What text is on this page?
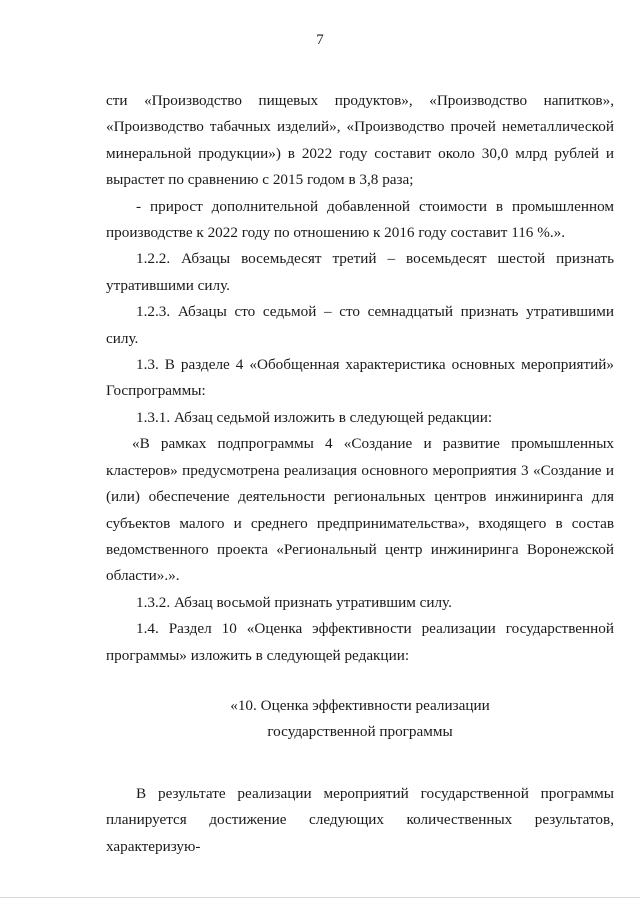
7

сти «Производство пищевых продуктов», «Производство напитков», «Производство табачных изделий», «Производство прочей неметаллической минеральной продукции») в 2022 году составит около 30,0 млрд рублей и вырастет по сравнению с 2015 годом в 3,8 раза;

- прирост дополнительной добавленной стоимости в промышленном производстве к 2022 году по отношению к 2016 году составит 116 %.».

1.2.2. Абзацы восемьдесят третий – восемьдесят шестой признать утратившими силу.

1.2.3. Абзацы сто седьмой – сто семнадцатый признать утратившими силу.

1.3. В разделе 4 «Обобщенная характеристика основных мероприятий» Госпрограммы:

1.3.1. Абзац седьмой изложить в следующей редакции:

«В рамках подпрограммы 4 «Создание и развитие промышленных кластеров» предусмотрена реализация основного мероприятия 3 «Создание и (или) обеспечение деятельности региональных центров инжиниринга для субъектов малого и среднего предпринимательства», входящего в состав ведомственного проекта «Региональный центр инжиниринга Воронежской области».».

1.3.2. Абзац восьмой признать утратившим силу.

1.4. Раздел 10 «Оценка эффективности реализации государственной программы» изложить в следующей редакции:

«10. Оценка эффективности реализации

государственной программы

В результате реализации мероприятий государственной программы планируется достижение следующих количественных результатов, характеризую-
